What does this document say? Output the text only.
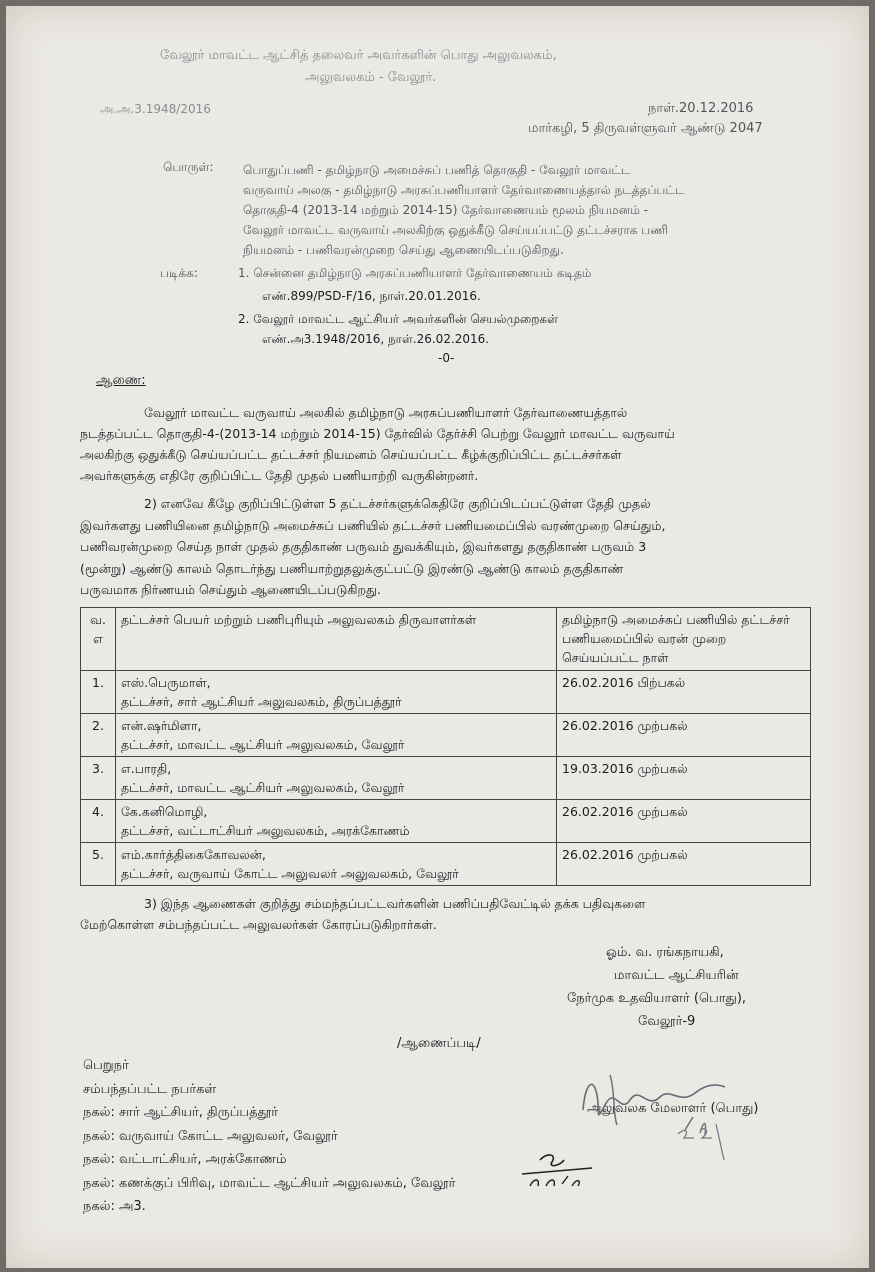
வேலூர் மாவட்ட ஆட்சித் தலைவர் அவர்களின் பொது அலுவலகம்,
அலுவலகம் - வேலூர்.
அ.அ.3.1948/2016	நாள்.20.12.2016
மார்கழி, 5 திருவள்ளுவர் ஆண்டு 2047
பொருள்: பொதுப்பணி - தமிழ்நாடு அமைச்சுப் பணித் தொகுதி - வேலூர் மாவட்ட
வருவாய் அலகு - தமிழ்நாடு அரசுப்பணியாளர் தேர்வாணையத்தால் நடத்தப்பட்ட
தொகுதி-4 (2013-14 மற்றும் 2014-15) தேர்வாணையம் மூலம் நியமனம் -
வேலூர் மாவட்ட வருவாய் அலகிற்கு ஒதுக்கீடு செய்யப்பட்டு தட்டச்சராக பணி
நியமனம் - பணிவரன்முறை செய்து ஆணையிடப்படுகிறது.
படிக்க:	1. சென்னை தமிழ்நாடு அரசுப்பணியாளர் தேர்வாணையம் கடிதம்
எண்.899/PSD-F/16, நாள்.20.01.2016.
2. வேலூர் மாவட்ட ஆட்சியர் அவர்களின் செயல்முறைகள்
எண்.அ3.1948/2016, நாள்.26.02.2016.
-0-
ஆணை:
வேலூர் மாவட்ட வருவாய் அலகில் தமிழ்நாடு அரசுப்பணியாளர் தேர்வாணையத்தால்
நடத்தப்பட்ட தொகுதி-4-(2013-14 மற்றும் 2014-15) தேர்வில் தேர்ச்சி பெற்று வேலூர் மாவட்ட வருவாய்
அலகிற்கு ஒதுக்கீடு செய்யப்பட்ட தட்டச்சர் நியமனம் செய்யப்பட்ட கீழ்க்குறிப்பிட்ட தட்டச்சர்கள்
அவர்களுக்கு எதிரே குறிப்பிட்ட தேதி முதல் பணியாற்றி வருகின்றனர்.
2) எனவே கீழே குறிப்பிட்டுள்ள 5 தட்டச்சர்களுக்கெதிரே குறிப்பிடப்பட்டுள்ள தேதி முதல்
இவர்களது பணியினை தமிழ்நாடு அமைச்சுப் பணியில் தட்டச்சர் பணியமைப்பில் வரண்முறை செய்தும்,
பணிவரன்முறை செய்த நாள் முதல் தகுதிகாண் பருவம் துவக்கியும், இவர்களது தகுதிகாண் பருவம் 3
(மூன்று) ஆண்டு காலம் தொடர்ந்து பணியாற்றுதலுக்குட்பட்டு இரண்டு ஆண்டு காலம் தகுதிகாண்
பருவமாக நிர்ணயம் செய்தும் ஆணையிடப்படுகிறது.
வ. எ	தட்டச்சர் பெயர் மற்றும் பணிபுரியும் அலுவலகம் திருவாளர்கள்	தமிழ்நாடு அமைச்சுப் பணியில் தட்டச்சர் பணியமைப்பில் வரன் முறை செய்யப்பட்ட நாள்
1.	எஸ்.பெருமாள்,
தட்டச்சர், சார் ஆட்சியர் அலுவலகம், திருப்பத்தூர்	26.02.2016 பிற்பகல்
2.	என்.ஷர்மிளா,
தட்டச்சர், மாவட்ட ஆட்சியர் அலுவலகம், வேலூர்	26.02.2016 முற்பகல்
3.	எ.பாரதி,
தட்டச்சர், மாவட்ட ஆட்சியர் அலுவலகம், வேலூர்	19.03.2016 முற்பகல்
4.	கே.கனிமொழி,
தட்டச்சர், வட்டாட்சியர் அலுவலகம், அரக்கோணம்	26.02.2016 முற்பகல்
5.	எம்.கார்த்திகைகோவலன்,
தட்டச்சர், வருவாய் கோட்ட அலுவலர் அலுவலகம், வேலூர்	26.02.2016 முற்பகல்
3) இந்த ஆணைகள் குறித்து சம்மந்தப்பட்டவர்களின் பணிப்பதிவேட்டில் தக்க பதிவுகளை
மேற்கொள்ள சம்பந்தப்பட்ட அலுவலர்கள் கோரப்படுகிறார்கள்.
ஓம். வ. ரங்கநாயகி,
மாவட்ட ஆட்சியரின்
நேர்முக உதவியாளர் (பொது),
வேலூர்-9
/ஆணைப்படி/
பெறுநர்
சம்பந்தப்பட்ட நபர்கள்
நகல்: சார் ஆட்சியர், திருப்பத்தூர்
நகல்: வருவாய் கோட்ட அலுவலர், வேலூர்
நகல்: வட்டாட்சியர், அரக்கோணம்
நகல்: கணக்குப் பிரிவு, மாவட்ட ஆட்சியர் அலுவலகம், வேலூர்
நகல்: அ3.
அலுவலக மேலாளர் (பொது)
